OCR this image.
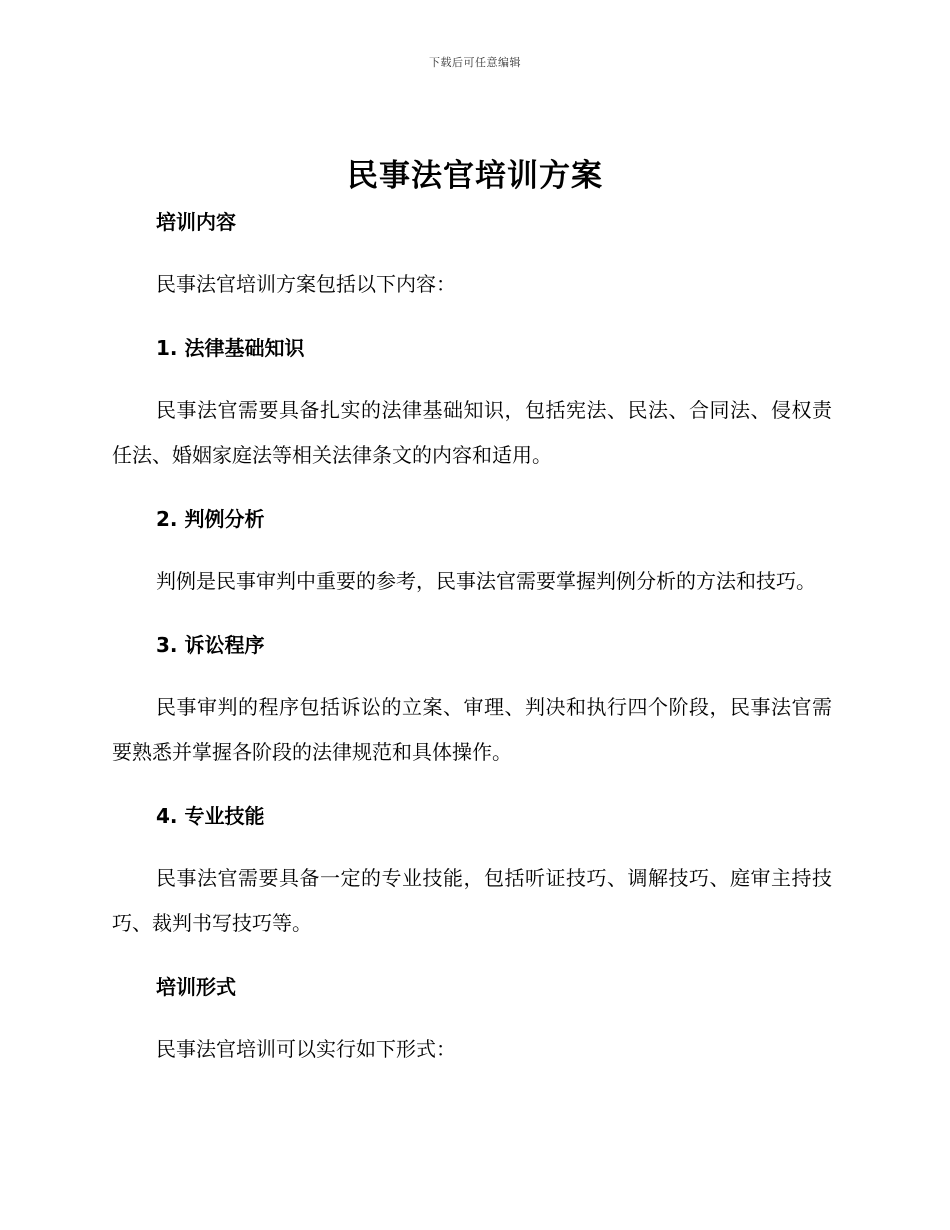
下载后可任意编辑
民事法官培训方案
培训内容

民事法官培训方案包括以下内容：

1. 法律基础知识

民事法官需要具备扎实的法律基础知识，包括宪法、民法、合同法、侵权责任法、婚姻家庭法等相关法律条文的内容和适用。

2. 判例分析

判例是民事审判中重要的参考，民事法官需要掌握判例分析的方法和技巧。

3. 诉讼程序

民事审判的程序包括诉讼的立案、审理、判决和执行四个阶段，民事法官需要熟悉并掌握各阶段的法律规范和具体操作。

4. 专业技能

民事法官需要具备一定的专业技能，包括听证技巧、调解技巧、庭审主持技巧、裁判书写技巧等。

培训形式

民事法官培训可以实行如下形式：
